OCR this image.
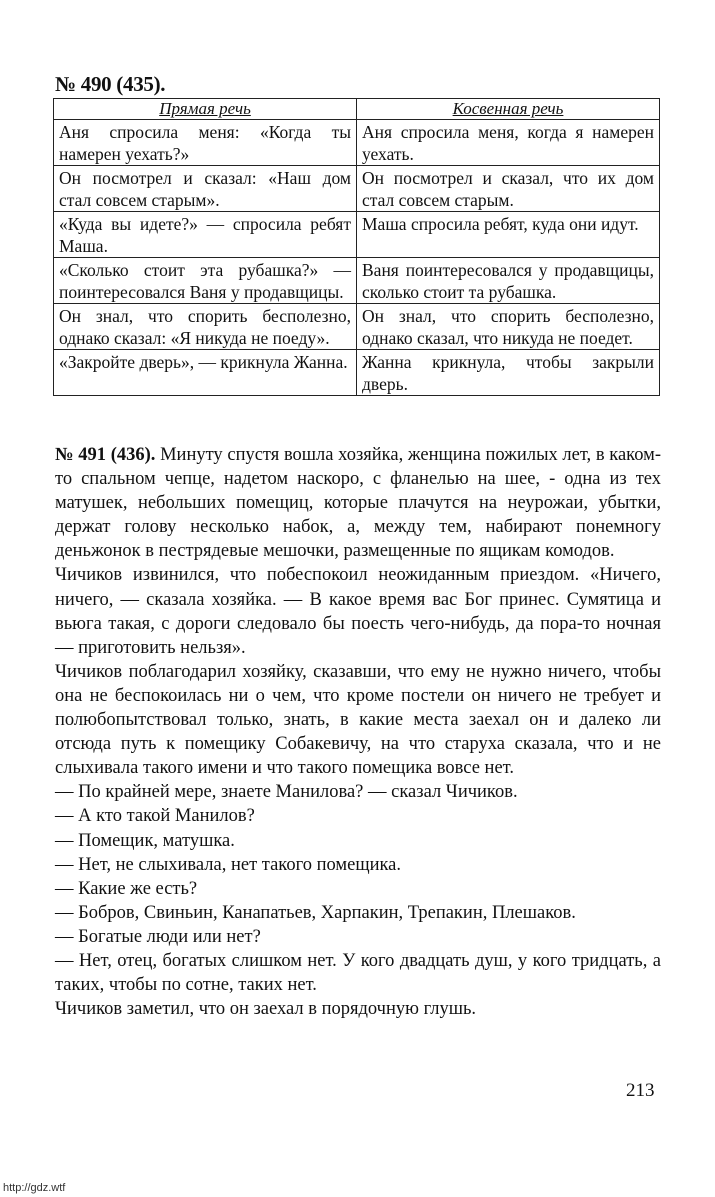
№ 490 (435).
Прямая речь	Косвенная речь
Аня спросила меня: «Когда ты намерен уехать?»	Аня спросила меня, когда я намерен уехать.
Он посмотрел и сказал: «Наш дом стал совсем старым».	Он посмотрел и сказал, что их дом стал совсем старым.
«Куда вы идете?» — спросила ребят Маша.	Маша спросила ребят, куда они идут.
«Сколько стоит эта рубашка?» — поинтересовался Ваня у продавщицы.	Ваня поинтересовался у продавщицы, сколько стоит та рубашка.
Он знал, что спорить бесполезно, однако сказал: «Я никуда не поеду».	Он знал, что спорить бесполезно, однако сказал, что никуда не поедет.
«Закройте дверь», — крикнула Жанна.	Жанна крикнула, чтобы закрыли дверь.

№ 491 (436). Минуту спустя вошла хозяйка, женщина пожилых лет, в каком-то спальном чепце, надетом наскоро, с фланелью на шее, - одна из тех матушек, небольших помещиц, которые плачутся на неурожаи, убытки, держат голову несколько набок, а, между тем, набирают понемногу деньжонок в пестрядевые мешочки, размещенные по ящикам комодов.

Чичиков извинился, что побеспокоил неожиданным приездом. «Ничего, ничего, — сказала хозяйка. — В какое время вас Бог принес. Сумятица и вьюга такая, с дороги следовало бы поесть чего-нибудь, да пора-то ночная — приготовить нельзя».

Чичиков поблагодарил хозяйку, сказавши, что ему не нужно ничего, чтобы она не беспокоилась ни о чем, что кроме постели он ничего не требует и полюбопытствовал только, знать, в какие места заехал он и далеко ли отсюда путь к помещику Собакевичу, на что старуха сказала, что и не слыхивала такого имени и что такого помещика вовсе нет.

— По крайней мере, знаете Манилова? — сказал Чичиков.

— А кто такой Манилов?

— Помещик, матушка.

— Нет, не слыхивала, нет такого помещика.

— Какие же есть?

— Бобров, Свиньин, Канапатьев, Харпакин, Трепакин, Плешаков.

— Богатые люди или нет?

— Нет, отец, богатых слишком нет. У кого двадцать душ, у кого тридцать, а таких, чтобы по сотне, таких нет.

Чичиков заметил, что он заехал в порядочную глушь.

213
http://gdz.wtf
